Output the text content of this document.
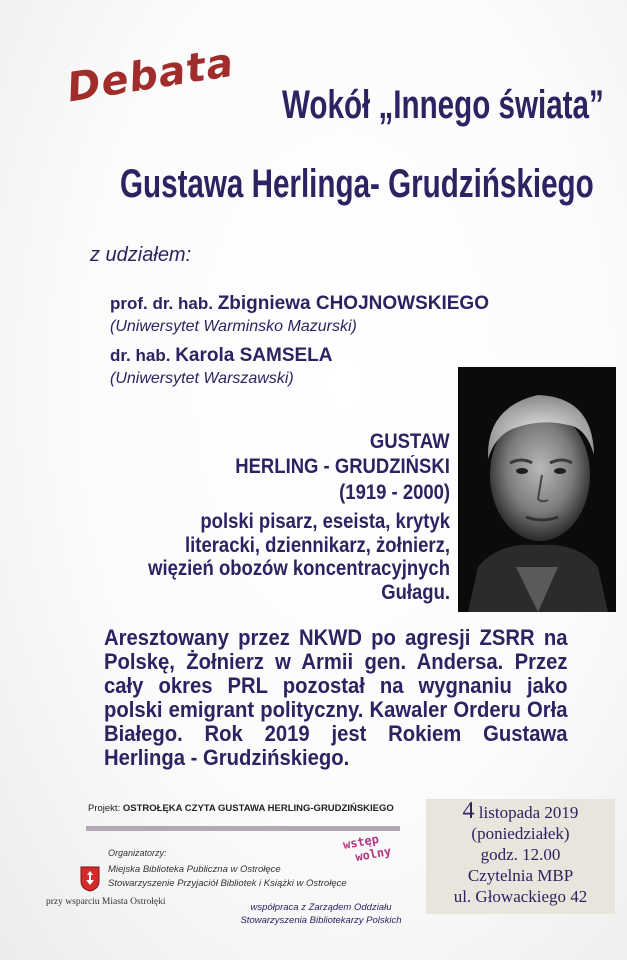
Debata Wokół „Innego świata”
Gustawa Herlinga- Grudzińskiego
z udziałem:
prof. dr. hab. Zbigniewa CHOJNOWSKIEGO
(Uniwersytet Warminsko Mazurski)
dr. hab. Karola SAMSELA
(Uniwersytet Warszawski)
GUSTAW
HERLING - GRUDZIŃSKI
(1919 - 2000)
polski pisarz, eseista, krytyk literacki, dziennikarz, żołnierz, więzień obozów koncentracyjnych Gułagu.
Aresztowany przez NKWD po agresji ZSRR na Polskę, Żołnierz w Armii gen. Andersa. Przez cały okres PRL pozostał na wygnaniu jako polski emigrant polityczny. Kawaler Orderu Orła Białego. Rok 2019 jest Rokiem Gustawa Herlinga - Grudzińskiego.
Projekt: OSTROŁĘKA CZYTA GUSTAWA HERLING-GRUDZIŃSKIEGO
Organizatorzy:
Miejska Biblioteka Publiczna w Ostrołęce
Stowarzyszenie Przyjaciół Bibliotek i Książki w Ostrołęce
przy wsparciu Miasta Ostrołęki	współpraca z Zarządem Oddziału
Stowarzyszenia Bibliotekarzy Polskich
wstęp
wolny
4 listopada 2019
(poniedziałek)
godz. 12.00
Czytelnia MBP
ul. Głowackiego 42
